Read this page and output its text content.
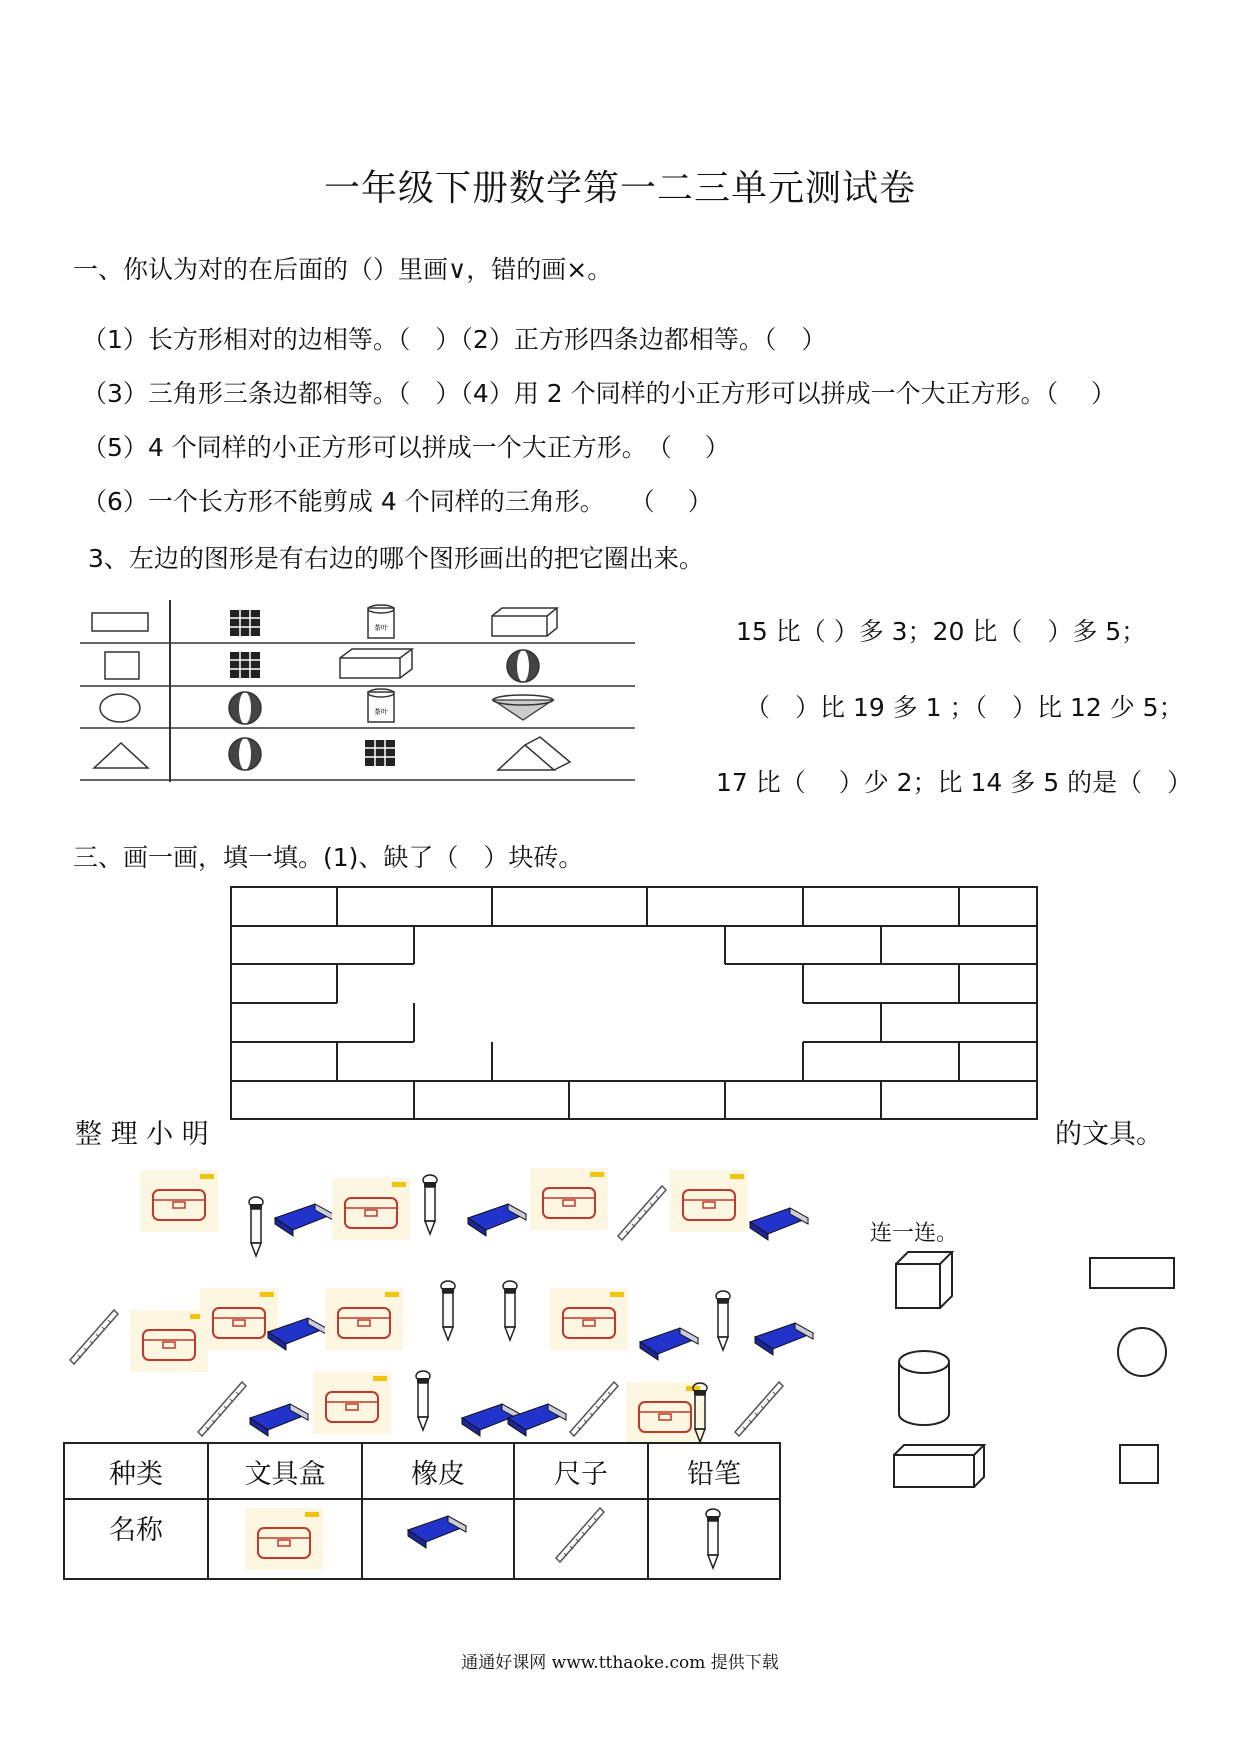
一年级下册数学第一二三单元测试卷
一、你认为对的在后面的（）里画∨，错的画×。
（1）长方形相对的边相等。（　）（2）正方形四条边都相等。（　）
（3）三角形三条边都相等。（　）（4）用 2 个同样的小正方形可以拼成一个大正方形。（　 ）
（5）4 个同样的小正方形可以拼成一个大正方形。　（　 ）
（6）一个长方形不能剪成 4 个同样的三角形。　　（　 ）
3、左边的图形是有右边的哪个图形画出的把它圈出来。
茶叶
茶叶
15 比（ ）多 3；20 比（　）多 5；
（　）比 19 多 1 ；（　）比 12 少 5；
17 比（　 ）少 2；比 14 多 5 的是（　）
三、画一画，填一填。(1)、缺了（　）块砖。
整 理 小 明	的文具。
连一连。
种类	文具盒	橡皮	尺子	铅笔
名称				
通通好课网 www.tthaoke.com 提供下载
